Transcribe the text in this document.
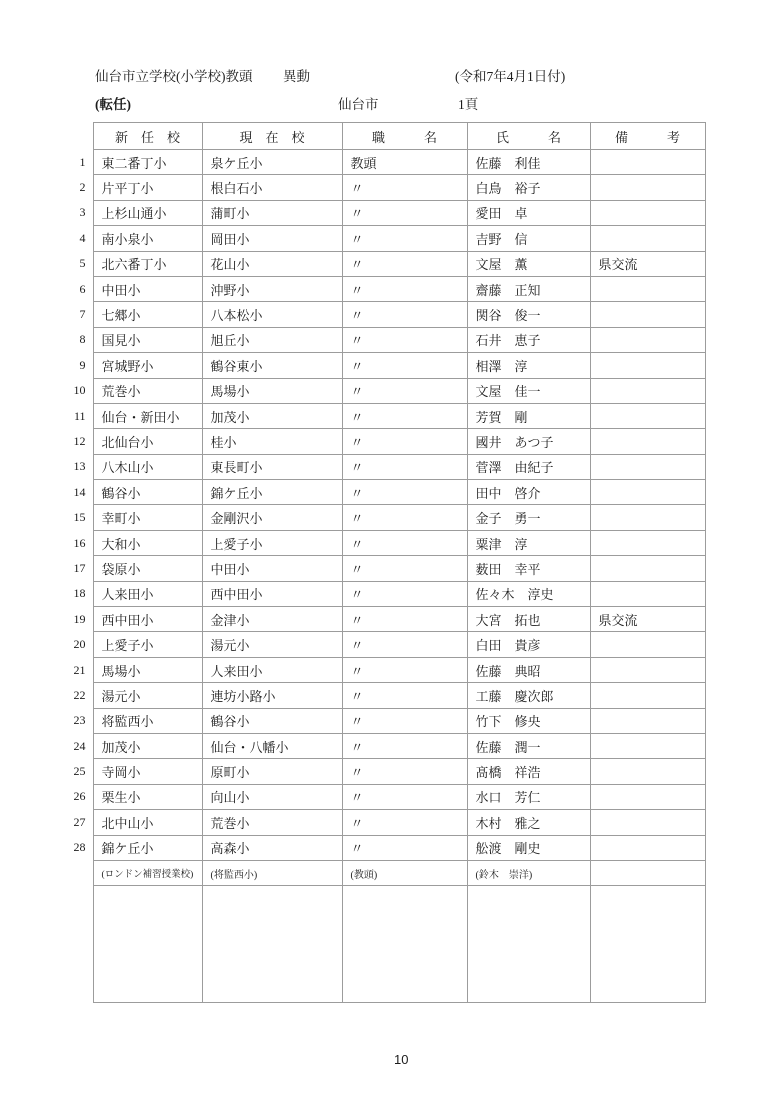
仙台市立学校(小学校)教頭 異動	(令和7年4月1日付)
(転任)	仙台市	1頁
	新　任　校	現　在　校	職　　　名	氏　　　名	備　　　考
1	東二番丁小	泉ケ丘小	教頭	佐藤　利佳	
2	片平丁小	根白石小	〃	白鳥　裕子	
3	上杉山通小	蒲町小	〃	愛田　卓	
4	南小泉小	岡田小	〃	吉野　信	
5	北六番丁小	花山小	〃	文屋　薫	県交流
6	中田小	沖野小	〃	齋藤　正知	
7	七郷小	八本松小	〃	関谷　俊一	
8	国見小	旭丘小	〃	石井　恵子	
9	宮城野小	鶴谷東小	〃	相澤　淳	
10	荒巻小	馬場小	〃	文屋　佳一	
11	仙台・新田小	加茂小	〃	芳賀　剛	
12	北仙台小	桂小	〃	國井　あつ子	
13	八木山小	東長町小	〃	菅澤　由紀子	
14	鶴谷小	錦ケ丘小	〃	田中　啓介	
15	幸町小	金剛沢小	〃	金子　勇一	
16	大和小	上愛子小	〃	粟津　淳	
17	袋原小	中田小	〃	薮田　幸平	
18	人来田小	西中田小	〃	佐々木　淳史	
19	西中田小	金津小	〃	大宮　拓也	県交流
20	上愛子小	湯元小	〃	白田　貴彦	
21	馬場小	人来田小	〃	佐藤　典昭	
22	湯元小	連坊小路小	〃	工藤　慶次郎	
23	将監西小	鶴谷小	〃	竹下　修央	
24	加茂小	仙台・八幡小	〃	佐藤　潤一	
25	寺岡小	原町小	〃	髙橋　祥浩	
26	栗生小	向山小	〃	水口　芳仁	
27	北中山小	荒巻小	〃	木村　雅之	
28	錦ケ丘小	高森小	〃	舩渡　剛史	
	(ロンドン補習授業校)	(将監西小)	(教頭)	(鈴木　崇洋)	

10
